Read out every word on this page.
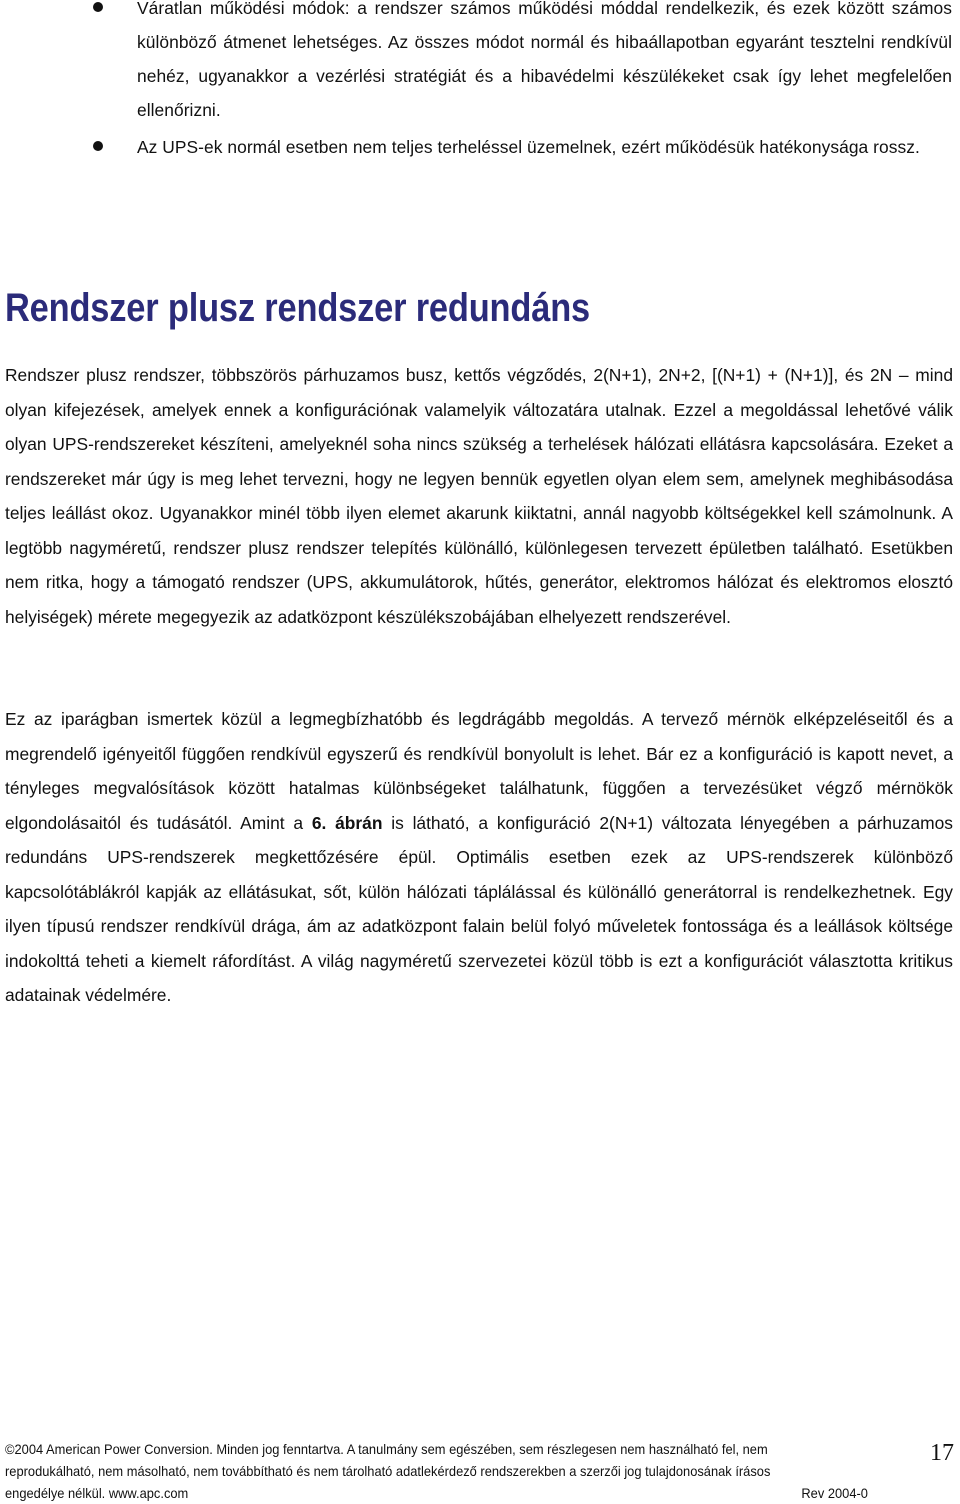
Váratlan működési módok: a rendszer számos működési móddal rendelkezik, és ezek között számos különböző átmenet lehetséges. Az összes módot normál és hibaállapotban egyaránt tesztelni rendkívül nehéz, ugyanakkor a vezérlési stratégiát és a hibavédelmi készülékeket csak így lehet megfelelően ellenőrizni.
Az UPS-ek normál esetben nem teljes terheléssel üzemelnek, ezért működésük hatékonysága rossz.
Rendszer plusz rendszer redundáns

Rendszer plusz rendszer, többszörös párhuzamos busz, kettős végződés, 2(N+1), 2N+2, [(N+1) + (N+1)], és 2N – mind olyan kifejezések, amelyek ennek a konfigurációnak valamelyik változatára utalnak. Ezzel a megoldással lehetővé válik olyan UPS-rendszereket készíteni, amelyeknél soha nincs szükség a terhelések hálózati ellátásra kapcsolására. Ezeket a rendszereket már úgy is meg lehet tervezni, hogy ne legyen bennük egyetlen olyan elem sem, amelynek meghibásodása teljes leállást okoz. Ugyanakkor minél több ilyen elemet akarunk kiiktatni, annál nagyobb költségekkel kell számolnunk. A legtöbb nagyméretű, rendszer plusz rendszer telepítés különálló, különlegesen tervezett épületben található. Esetükben nem ritka, hogy a támogató rendszer (UPS, akkumulátorok, hűtés, generátor, elektromos hálózat és elektromos elosztó helyiségek) mérete megegyezik az adatközpont készülékszobájában elhelyezett rendszerével.

Ez az iparágban ismertek közül a legmegbízhatóbb és legdrágább megoldás. A tervező mérnök elképzeléseitől és a megrendelő igényeitől függően rendkívül egyszerű és rendkívül bonyolult is lehet. Bár ez a konfiguráció is kapott nevet, a tényleges megvalósítások között hatalmas különbségeket találhatunk, függően a tervezésüket végző mérnökök elgondolásaitól és tudásától. Amint a 6. ábrán is látható, a konfiguráció 2(N+1) változata lényegében a párhuzamos redundáns UPS-rendszerek megkettőzésére épül. Optimális esetben ezek az UPS-rendszerek különböző kapcsolótáblákról kapják az ellátásukat, sőt, külön hálózati táplálással és különálló generátorral is rendelkezhetnek. Egy ilyen típusú rendszer rendkívül drága, ám az adatközpont falain belül folyó műveletek fontossága és a leállások költsége indokolttá teheti a kiemelt ráfordítást. A világ nagyméretű szervezetei közül több is ezt a konfigurációt választotta kritikus adatainak védelmére.

©2004 American Power Conversion. Minden jog fenntartva. A tanulmány sem egészében, sem részlegesen nem használható fel, nem
reprodukálható, nem másolható, nem továbbítható és nem tárolható adatlekérdező rendszerekben a szerzői jog tulajdonosának írásos
engedélye nélkül. www.apc.com	Rev 2004-0
17
